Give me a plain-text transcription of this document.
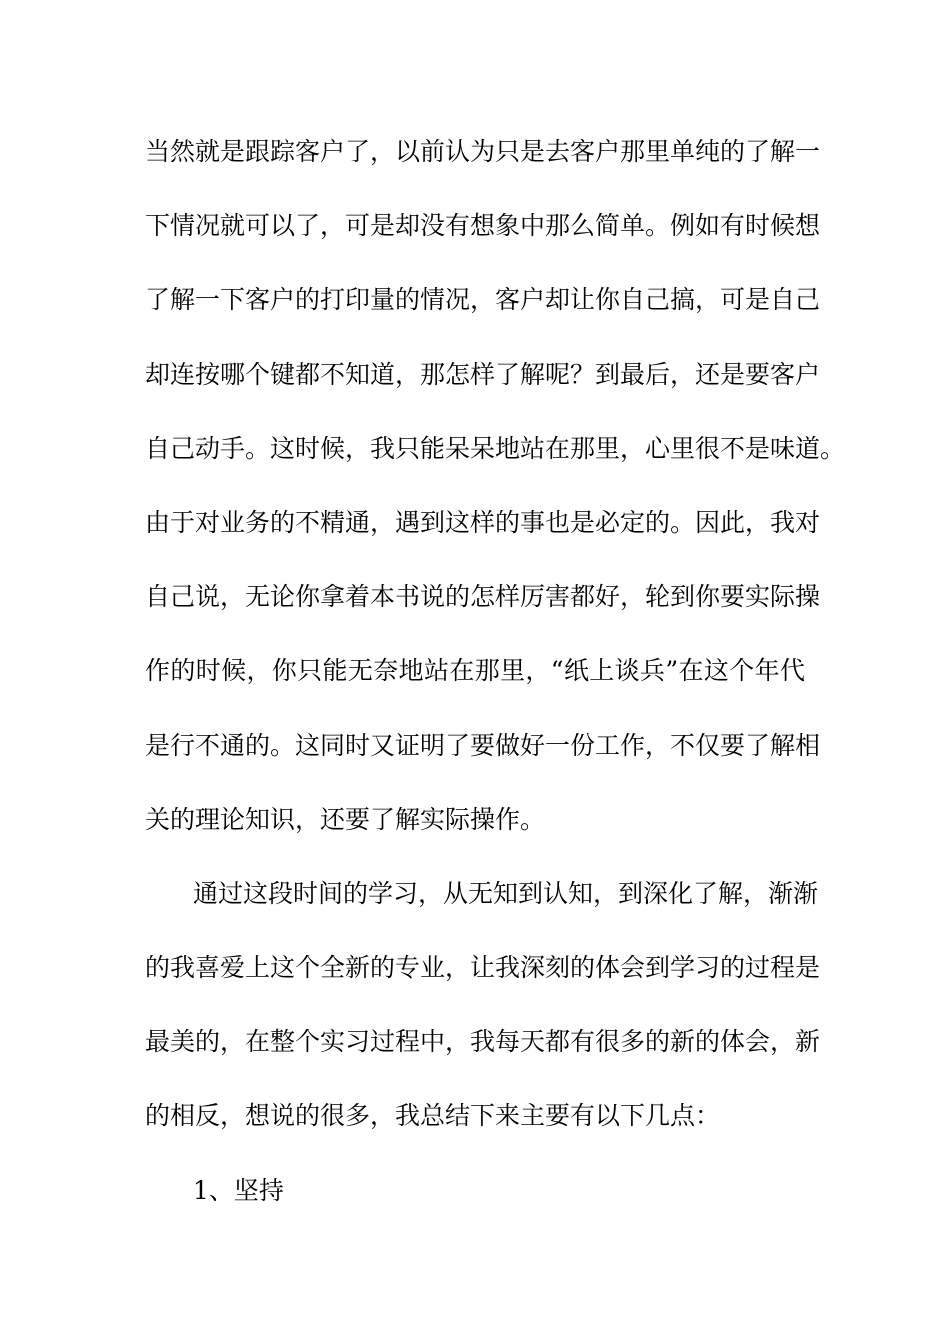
当然就是跟踪客户了，以前认为只是去客户那里单纯的了解一
下情况就可以了，可是却没有想象中那么简单。例如有时候想
了解一下客户的打印量的情况，客户却让你自己搞，可是自己
却连按哪个键都不知道，那怎样了解呢？到最后，还是要客户
自己动手。这时候，我只能呆呆地站在那里，心里很不是味道。
由于对业务的不精通，遇到这样的事也是必定的。因此，我对
自己说，无论你拿着本书说的怎样厉害都好，轮到你要实际操
作的时候，你只能无奈地站在那里，“纸上谈兵”在这个年代
是行不通的。这同时又证明了要做好一份工作，不仅要了解相
关的理论知识，还要了解实际操作。
通过这段时间的学习，从无知到认知，到深化了解，渐渐
的我喜爱上这个全新的专业，让我深刻的体会到学习的过程是
最美的，在整个实习过程中，我每天都有很多的新的体会，新
的相反，想说的很多，我总结下来主要有以下几点：
1、坚持
